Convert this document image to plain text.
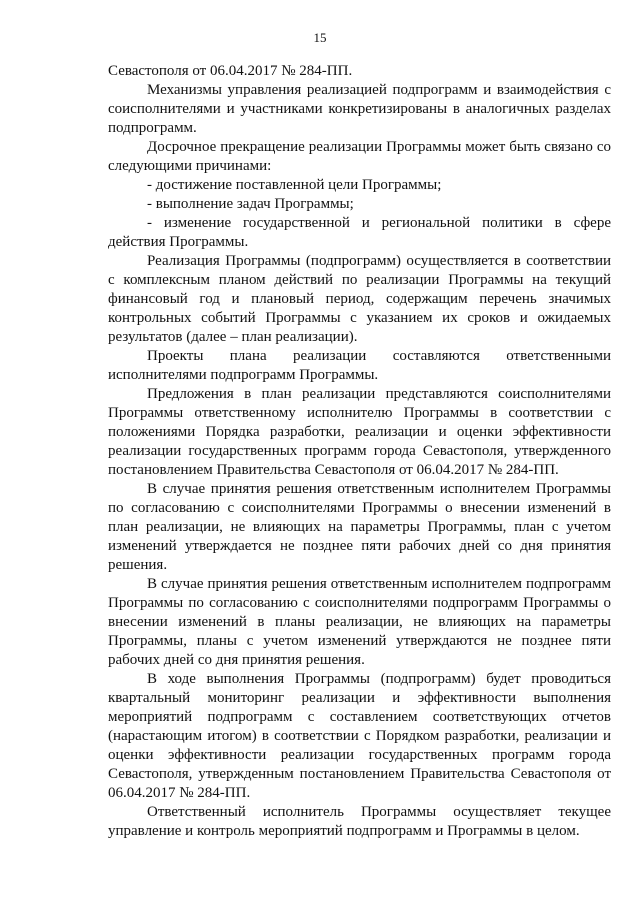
15

Севастополя от 06.04.2017 № 284-ПП.

Механизмы управления реализацией подпрограмм и взаимодействия с соисполнителями и участниками конкретизированы в аналогичных разделах подпрограмм.

Досрочное прекращение реализации Программы может быть связано со следующими причинами:

- достижение поставленной цели Программы;

- выполнение задач Программы;

- изменение государственной и региональной политики в сфере действия Программы.

Реализация Программы (подпрограмм) осуществляется в соответствии с комплексным планом действий по реализации Программы на текущий финансовый год и плановый период, содержащим перечень значимых контрольных событий Программы с указанием их сроков и ожидаемых результатов (далее – план реализации).

Проекты плана реализации составляются ответственными исполнителями подпрограмм Программы.

Предложения в план реализации представляются соисполнителями Программы ответственному исполнителю Программы в соответствии с положениями Порядка разработки, реализации и оценки эффективности реализации государственных программ города Севастополя, утвержденного постановлением Правительства Севастополя от 06.04.2017 № 284-ПП.

В случае принятия решения ответственным исполнителем Программы по согласованию с соисполнителями Программы о внесении изменений в план реализации, не влияющих на параметры Программы, план с учетом изменений утверждается не позднее пяти рабочих дней со дня принятия решения.

В случае принятия решения ответственным исполнителем подпрограмм Программы по согласованию с соисполнителями подпрограмм Программы о внесении изменений в планы реализации, не влияющих на параметры Программы, планы с учетом изменений утверждаются не позднее пяти рабочих дней со дня принятия решения.

В ходе выполнения Программы (подпрограмм) будет проводиться квартальный мониторинг реализации и эффективности выполнения мероприятий подпрограмм с составлением соответствующих отчетов (нарастающим итогом) в соответствии с Порядком разработки, реализации и оценки эффективности реализации государственных программ города Севастополя, утвержденным постановлением Правительства Севастополя от 06.04.2017 № 284-ПП.

Ответственный исполнитель Программы осуществляет текущее управление и контроль мероприятий подпрограмм и Программы в целом.
